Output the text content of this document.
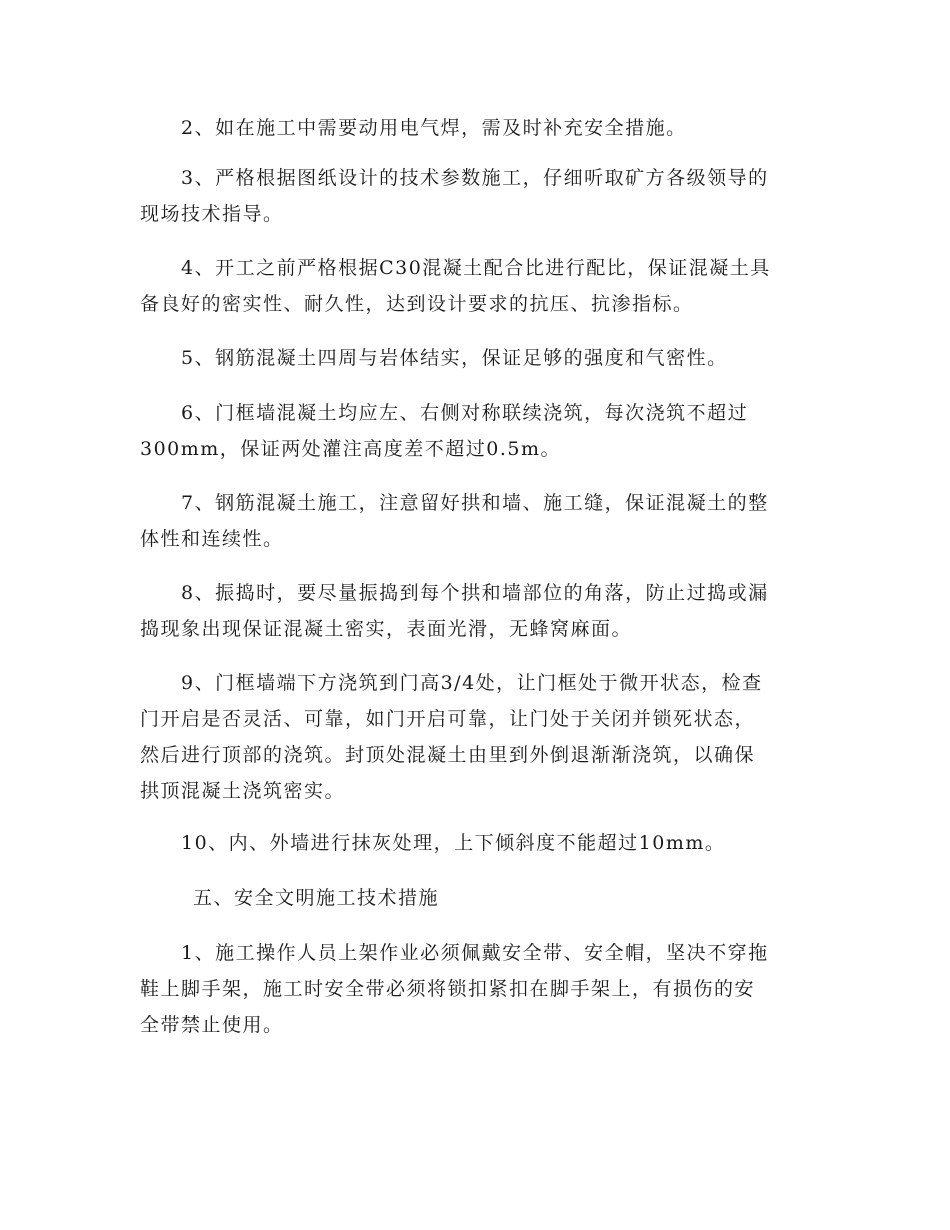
　　2、如在施工中需要动用电气焊，需及时补充安全措施。

　　3、严格根据图纸设计的技术参数施工，仔细听取矿方各级领导的
现场技术指导。

　　4、开工之前严格根据C30混凝土配合比进行配比，保证混凝土具
备良好的密实性、耐久性，达到设计要求的抗压、抗渗指标。

　　5、钢筋混凝土四周与岩体结实，保证足够的强度和气密性。

　　6、门框墙混凝土均应左、右侧对称联续浇筑，每次浇筑不超过
300mm，保证两处灌注高度差不超过0.5m。

　　7、钢筋混凝土施工，注意留好拱和墙、施工缝，保证混凝土的整
体性和连续性。

　　8、振捣时，要尽量振捣到每个拱和墙部位的角落，防止过捣或漏
捣现象出现保证混凝土密实，表面光滑，无蜂窝麻面。

　　9、门框墙端下方浇筑到门高3/4处，让门框处于微开状态，检查
门开启是否灵活、可靠，如门开启可靠，让门处于关闭并锁死状态，
然后进行顶部的浇筑。封顶处混凝土由里到外倒退渐渐浇筑，以确保
拱顶混凝土浇筑密实。

　　10、内、外墙进行抹灰处理，上下倾斜度不能超过10mm。

五、安全文明施工技术措施

　　1、施工操作人员上架作业必须佩戴安全带、安全帽，坚决不穿拖
鞋上脚手架，施工时安全带必须将锁扣紧扣在脚手架上，有损伤的安
全带禁止使用。
